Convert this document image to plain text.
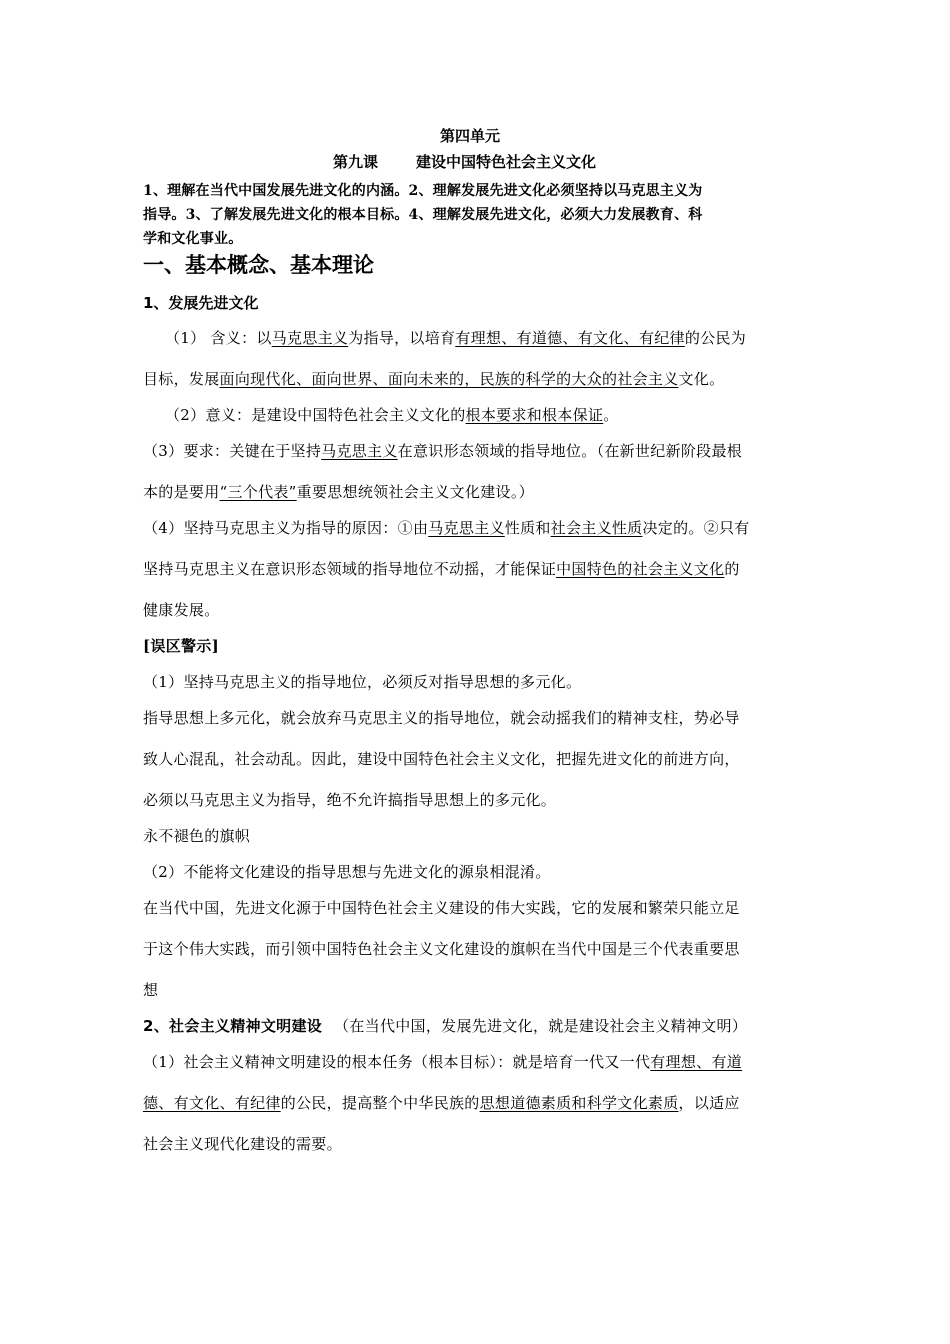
第四单元
第九课	建设中国特色社会主义文化
1、理解在当代中国发展先进文化的内涵。2、理解发展先进文化必须坚持以马克思主义为
指导。3、了解发展先进文化的根本目标。4、理解发展先进文化，必须大力发展教育、科
学和文化事业。
一、基本概念、基本理论
1、发展先进文化
（1） 含义：以马克思主义为指导，以培育有理想、有道德、有文化、有纪律的公民为
目标，发展面向现代化、面向世界、面向未来的，民族的科学的大众的社会主义文化。
（2）意义：是建设中国特色社会主义文化的根本要求和根本保证。
（3）要求：关键在于坚持马克思主义在意识形态领域的指导地位。（在新世纪新阶段最根
本的是要用“三个代表”重要思想统领社会主义文化建设。）
（4）坚持马克思主义为指导的原因：①由马克思主义性质和社会主义性质决定的。②只有
坚持马克思主义在意识形态领域的指导地位不动摇，才能保证中国特色的社会主义文化的
健康发展。
[误区警示]
（1）坚持马克思主义的指导地位，必须反对指导思想的多元化。
指导思想上多元化，就会放弃马克思主义的指导地位，就会动摇我们的精神支柱，势必导
致人心混乱，社会动乱。因此，建设中国特色社会主义文化，把握先进文化的前进方向，
必须以马克思主义为指导，绝不允许搞指导思想上的多元化。
永不褪色的旗帜
（2）不能将文化建设的指导思想与先进文化的源泉相混淆。
在当代中国，先进文化源于中国特色社会主义建设的伟大实践，它的发展和繁荣只能立足
于这个伟大实践，而引领中国特色社会主义文化建设的旗帜在当代中国是三个代表重要思
想
2、社会主义精神文明建设 （在当代中国，发展先进文化，就是建设社会主义精神文明）
（1）社会主义精神文明建设的根本任务（根本目标）：就是培育一代又一代有理想、有道
德、有文化、有纪律的公民，提高整个中华民族的思想道德素质和科学文化素质，以适应
社会主义现代化建设的需要。
